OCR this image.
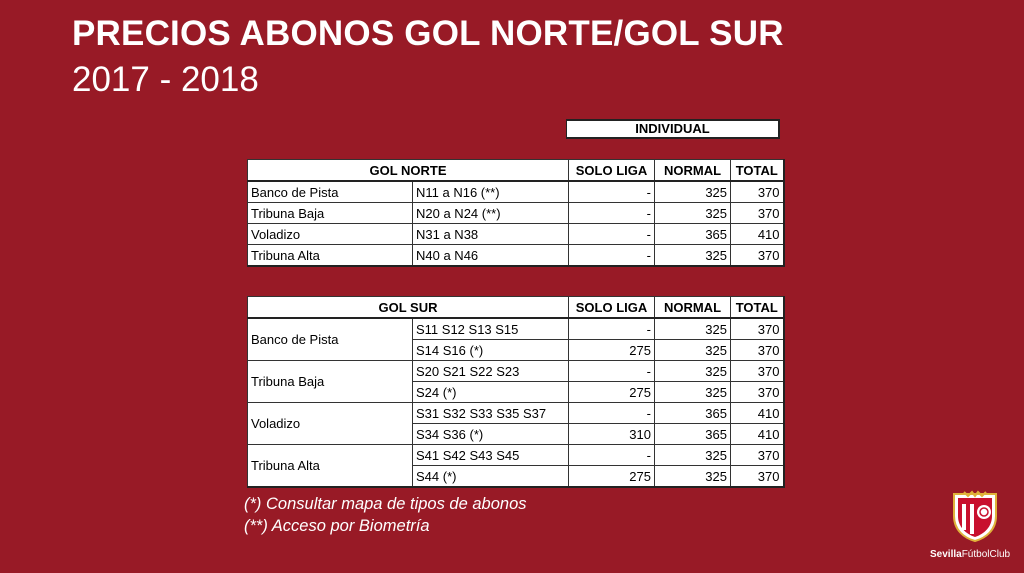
PRECIOS ABONOS GOL NORTE/GOL SUR
2017 - 2018
INDIVIDUAL
GOL NORTE		SOLO LIGA	NORMAL	TOTAL
Banco de Pista	N11 a N16 (**)	-	325	370
Tribuna Baja	N20 a N24 (**)	-	325	370
Voladizo	N31 a N38	-	365	410
Tribuna Alta	N40 a N46	-	325	370
GOL SUR		SOLO LIGA	NORMAL	TOTAL
Banco de Pista	S11 S12 S13 S15	-	325	370
	S14 S16 (*)	275	325	370
Tribuna Baja	S20 S21 S22 S23	-	325	370
	S24 (*)	275	325	370
Voladizo	S31 S32 S33 S35 S37	-	365	410
	S34 S36 (*)	310	365	410
Tribuna Alta	S41 S42 S43 S45	-	325	370
	S44 (*)	275	325	370
(*) Consultar mapa de tipos de abonos
(**) Acceso por Biometría
SevillaFútbolClub
